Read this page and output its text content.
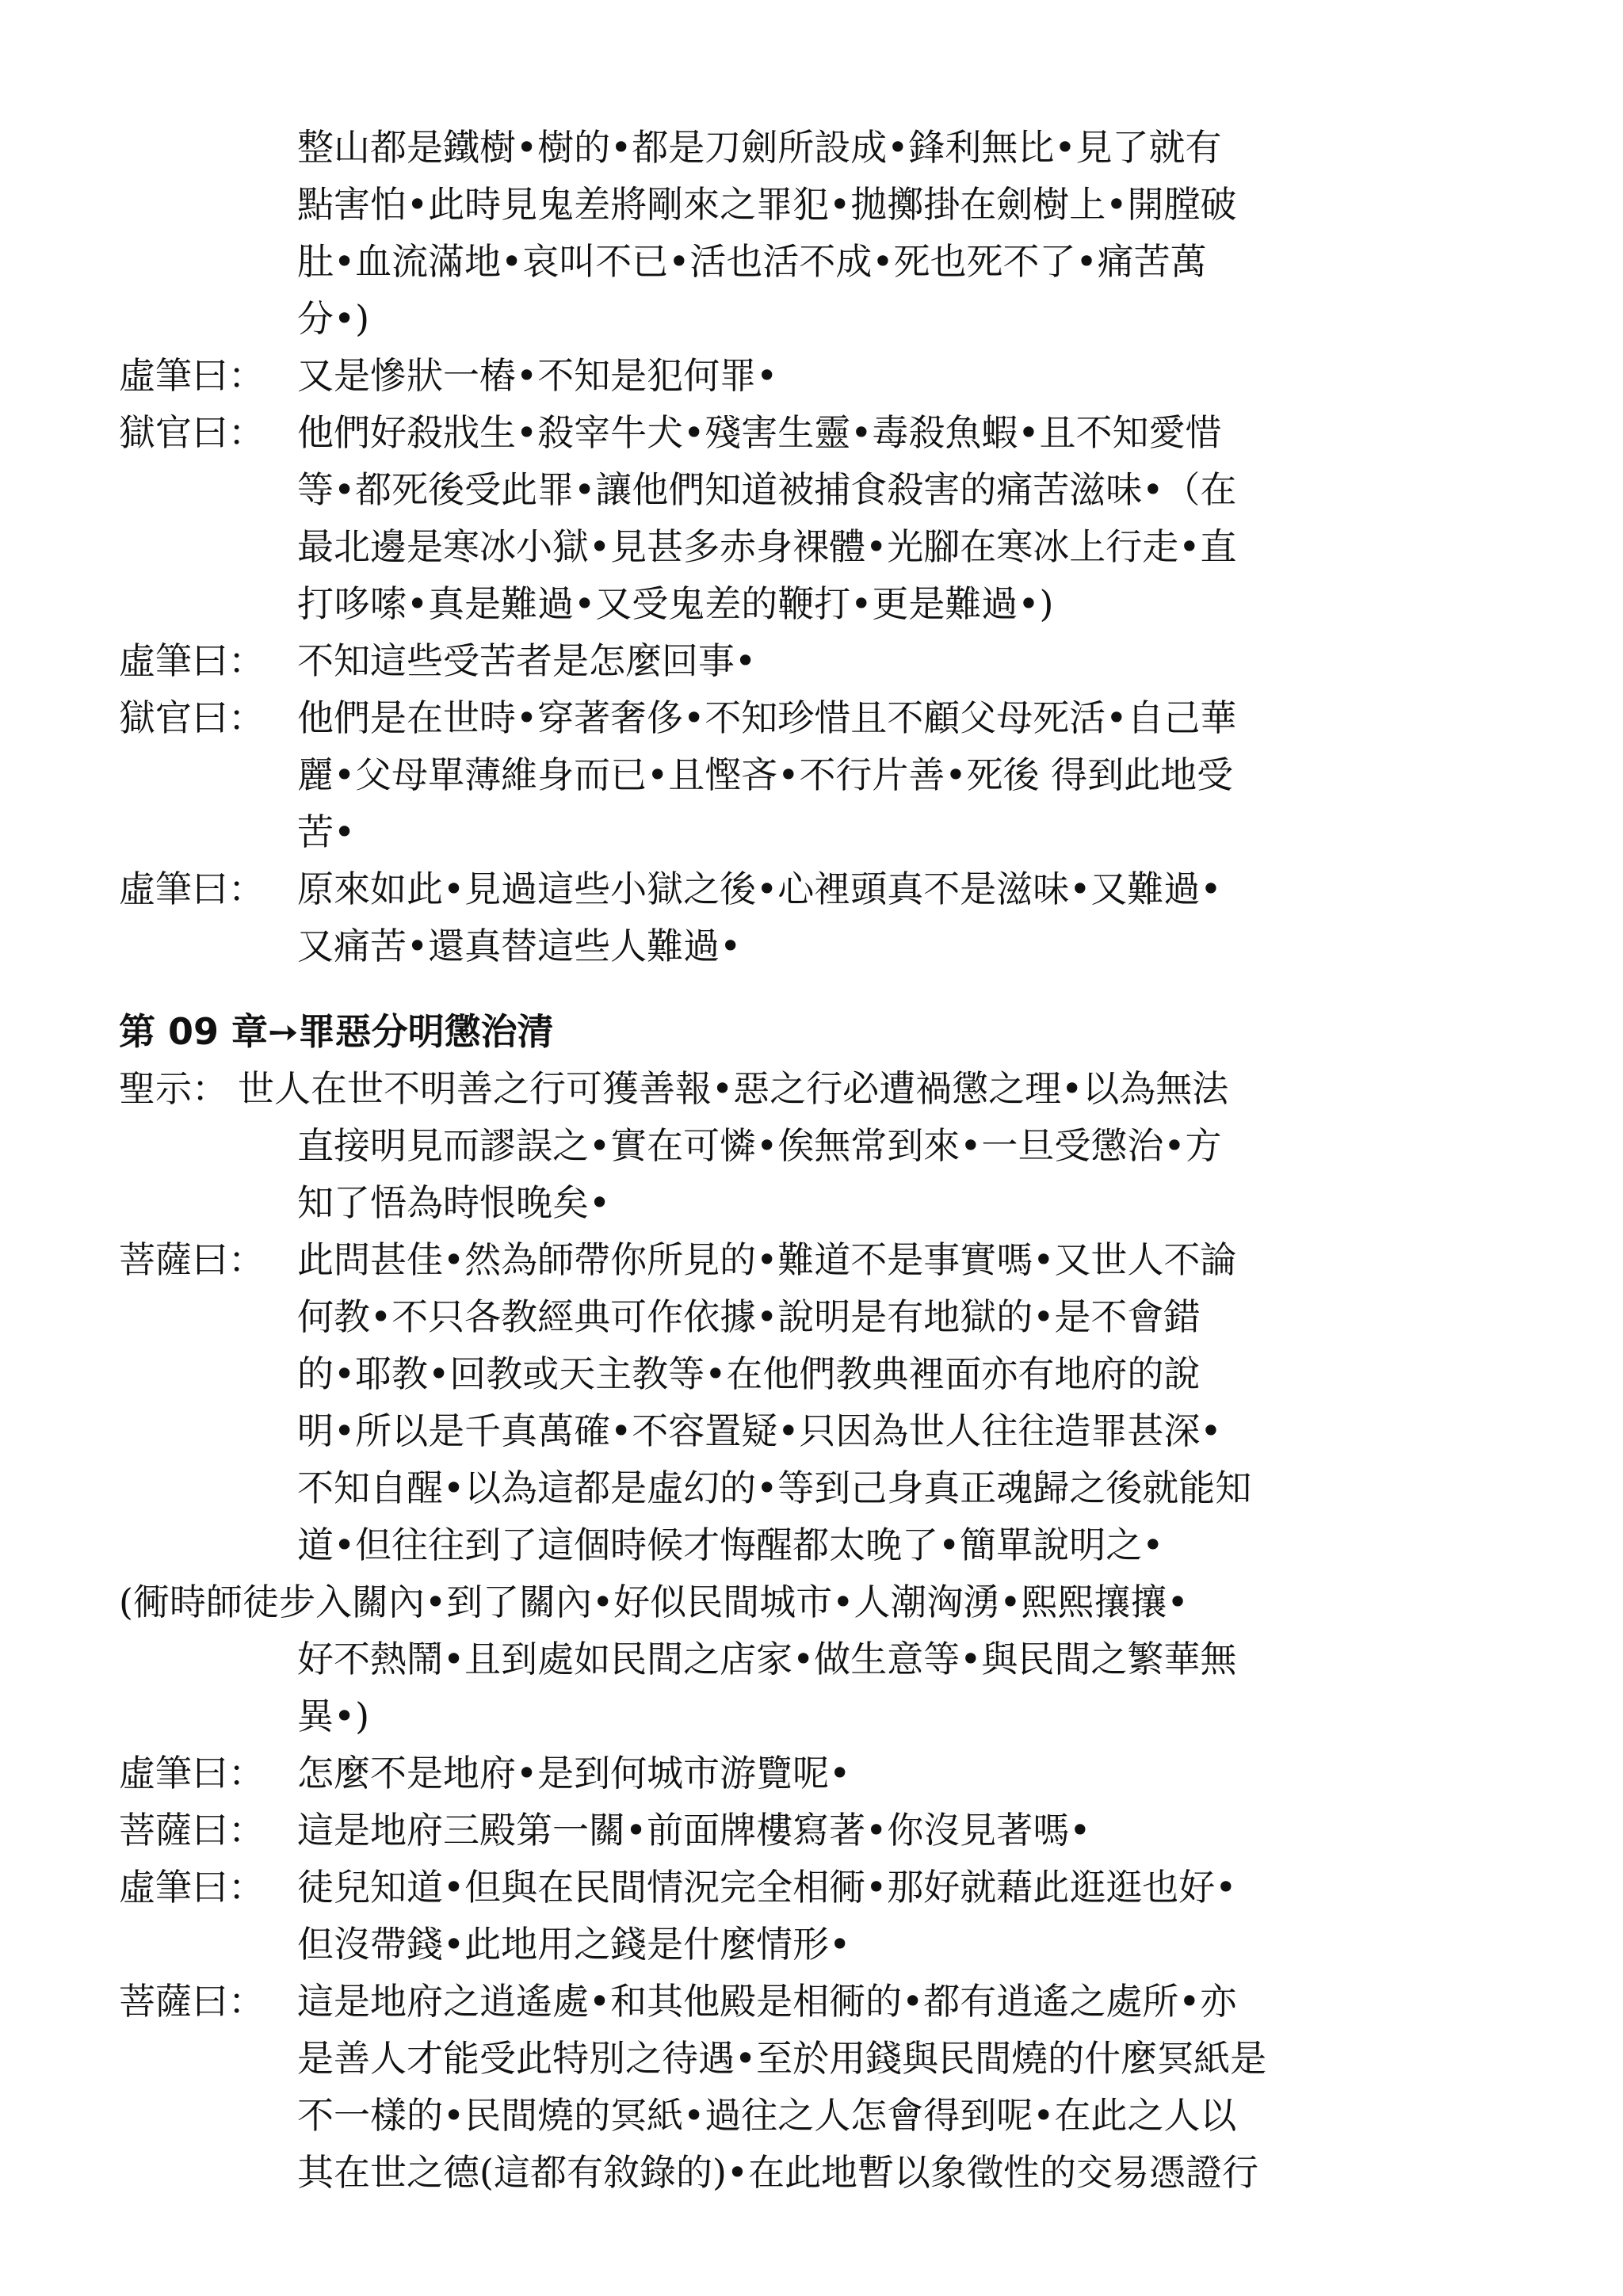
整山都是鐵樹•樹的•都是刀劍所設成•鋒利無比•見了就有
點害怕•此時見鬼差將剛來之罪犯•拋擲掛在劍樹上•開膛破
肚•血流滿地•哀叫不已•活也活不成•死也死不了•痛苦萬
分•)
虛筆曰： 又是慘狀一樁•不知是犯何罪•
獄官曰： 他們好殺戕生•殺宰牛犬•殘害生靈•毒殺魚蝦•且不知愛惜
等•都死後受此罪•讓他們知道被捕食殺害的痛苦滋味•（在
最北邊是寒冰小獄•見甚多赤身裸體•光腳在寒冰上行走•直
打哆嗦•真是難過•又受鬼差的鞭打•更是難過•)
虛筆曰： 不知這些受苦者是怎麼回事•
獄官曰： 他們是在世時•穿著奢侈•不知珍惜且不顧父母死活•自己華
麗•父母單薄維身而已•且慳吝•不行片善•死後 得到此地受
苦•
虛筆曰： 原來如此•見過這些小獄之後•心裡頭真不是滋味•又難過•
又痛苦•還真替這些人難過•
第 09 章➙罪惡分明懲治清
聖示： 世人在世不明善之行可獲善報•惡之行必遭禍懲之理•以為無法
直接明見而謬誤之•實在可憐•俟無常到來•一旦受懲治•方
知了悟為時恨晚矣•
菩薩曰： 此問甚佳•然為師帶你所見的•難道不是事實嗎•又世人不論
何教•不只各教經典可作依據•說明是有地獄的•是不會錯
的•耶教•回教或天主教等•在他們教典裡面亦有地府的說
明•所以是千真萬確•不容置疑•只因為世人往往造罪甚深•
不知自醒•以為這都是虛幻的•等到己身真正魂歸之後就能知
道•但往往到了這個時候才悔醒都太晚了•簡單說明之•
(衕時師徒步入關內•到了關內•好似民間城市•人潮洶湧•熙熙攘攘•
好不熱鬧•且到處如民間之店家•做生意等•與民間之繁華無
異•)
虛筆曰： 怎麼不是地府•是到何城市游覽呢•
菩薩曰： 這是地府三殿第一關•前面牌樓寫著•你沒見著嗎•
虛筆曰： 徒兒知道•但與在民間情況完全相衕•那好就藉此逛逛也好•
但沒帶錢•此地用之錢是什麼情形•
菩薩曰： 這是地府之逍遙處•和其他殿是相衕的•都有逍遙之處所•亦
是善人才能受此特別之待遇•至於用錢與民間燒的什麼冥紙是
不一樣的•民間燒的冥紙•過往之人怎會得到呢•在此之人以
其在世之德(這都有敘錄的)•在此地暫以象徵性的交易憑證行
